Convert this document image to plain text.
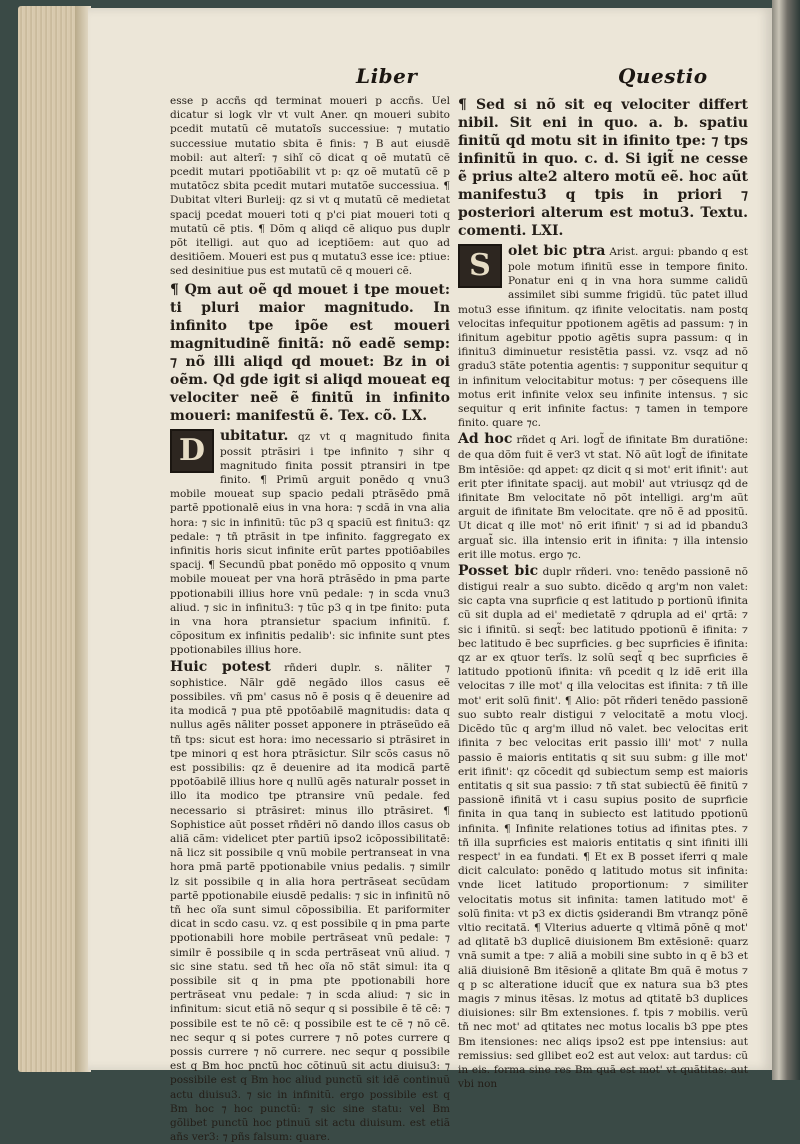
Liber	Questio

esse p accñs qd terminat moueri p accñs. Uel dicatur si logk vlr vt vult Aner. qn moueri subito pcedit mutatũ cẽ mutatoĩs successiue: ⁊ mutatio successiue mutatio sbita ẽ finis: ⁊ B aut eiusdẽ mobil: aut alterĩ: ⁊ sihĩ cõ dicat q oẽ mutatũ cẽ pcedit mutari ppotiõabilit vt p: qz oẽ mutatũ cẽ p mutatõcz sbita pcedit mutari mutatõe successiua. ¶ Dubitat vlteri Burleij: qz si vt q mutatũ cẽ medietat spacij pcedat moueri toti q p'ci piat moueri toti q mutatũ cẽ ptis. ¶ Dõm q aliqd cẽ aliquo pus duplr põt itelligi. aut quo ad iceptiõem: aut quo ad desitiõem. Moueri est pus q mutatu3 esse ice: ptiue: sed desinitiue pus est mutatũ cẽ q moueri cẽ.

¶ Qm aut oẽ qd mouet i tpe mouet: ti pluri maior magnitudo. In infinito tpe ipõe est moueri magnitudinẽ finitã: nõ eadẽ semp: ⁊ nõ illi aliqd qd mouet: Bz in oi oẽm. Qd gde igit si aliqd moueat eq velociter neẽ ẽ finitũ in infinito moueri: manifestũ ẽ. Tex. cõ. LX.

D	ubitatur. qz vt q magnitudo finita possit ptrãsiri i tpe infinito ⁊ sihr q magnitudo finita possit ptransiri in tpe finito. ¶ Primũ arguit ponẽdo q vnu3 mobile moueat sup spacio pedali ptrãsẽdo pmã partẽ ppotionalẽ eius in vna hora: ⁊ scdã in vna alia hora: ⁊ sic in infinitũ: tũc p3 q spaciũ est finitu3: qz pedale: ⁊ tñ ptrãsit in tpe infinito. faggregato ex infinitis horis sicut infinite erũt partes ppotiõabiles spacij. ¶ Secundũ pbat ponẽdo mõ opposito q vnum mobile moueat per vna horã ptrãsẽdo in pma parte ppotionabili illius hore vnũ pedale: ⁊ in scda vnu3 aliud. ⁊ sic in infinitu3: ⁊ tũc p3 q in tpe finito: puta in vna hora ptransietur spacium infinitũ. f. cõpositum ex infinitis pedalib': sic infinite sunt ptes ppotionabiles illius hore.

Huic potest rñderi duplr. s. nãliter ⁊ sophistice. Nãlr gdẽ negãdo illos casus eẽ possibiles. vñ pm' casus nõ ẽ posis q ẽ deuenire ad ita modicã ⁊ pua ptẽ ppotõabilẽ magnitudis: data q nullus agẽs nãliter posset apponere in ptrãseũdo eã tñ tps: sicut est hora: imo necessario si ptrãsiret in tpe minori q est hora ptrãsictur. Silr scõs casus nõ est possibilis: qz ẽ deuenire ad ita modicã partẽ ppotõabilẽ illius hore q nullũ agẽs naturalr posset in illo ita modico tpe ptransire vnũ pedale. fed necessario si ptrãsiret: minus illo ptrãsiret. ¶ Sophistice aũt posset rñdẽri nõ dando illos casus ob aliã cãm: videlicet pter partiũ ipso2 icõpossibilitatẽ: nã licz sit possibile q vnũ mobile pertranseat in vna hora pmã partẽ ppotionabile vnius pedalis. ⁊ similr lz sit possibile q in alia hora pertrãseat secũdam partẽ ppotionabile eiusdẽ pedalis: ⁊ sic in infinitũ nõ tñ hec oĩa sunt simul cõpossibilia. Et pariformiter dicat in scdo casu. vz. q est possibile q in pma parte ppotionabili hore mobile pertrãseat vnũ pedale: ⁊ similr ẽ possibile q in scda pertrãseat vnũ aliud. ⁊ sic sine statu. sed tñ hec oĩa nõ stãt simul: ita q possibile sit q in pma pte ppotionabili hore pertrãseat vnu pedale: ⁊ in scda aliud: ⁊ sic in infinitum: sicut etiã nõ sequr q si possibile ẽ tẽ cẽ: ⁊ possibile est te nõ cẽ: q possibile est te cẽ ⁊ nõ cẽ. nec sequr q si potes currere ⁊ nõ potes currere q possis currere ⁊ nõ currere. nec sequr q possibile est q Bm hoc pnctũ hoc cõtinuũ sit actu diuisu3: ⁊ possibile est q Bm hoc aliud punctũ sit idẽ continuũ actu diuisu3. ⁊ sic in infinitũ. ergo possibile est q Bm hoc ⁊ hoc punctũ: ⁊ sic sine statu: vel Bm gõlibet punctũ hoc ptinuũ sit actu diuisum. est etiã añs ver3: ⁊ pñs falsum: quare.

¶ Sed si nõ sit eq velociter differt nibil. Sit eni in quo. a. b. spatiu finitũ qd motu sit in ifinito tpe: ⁊ tps infinitũ in quo. c. d. Si igit̃ ne cesse ẽ prius alte2 altero motũ eẽ. hoc aũt manifestu3 q tpis in priori ⁊ posteriori alterum est motu3. Textu. comenti. LXI.

S	olet bic ptra Arist. argui: pbando q est pole motum ifinitũ esse in tempore finito. Ponatur eni q in vna hora summe calidũ assimilet sibi summe frigidũ. tũc patet illud motu3 esse ifinitum. qz ifinite velocitatis. nam postq velocitas infequitur ppotionem agẽtis ad passum: ⁊ in ifinitum agebitur ppotio agẽtis supra passum: q in ifinitu3 diminuetur resistẽtia passi. vz. vsqz ad nõ gradu3 stãte potentia agentis: ⁊ supponitur sequitur q in infinitum velocitabitur motus: ⁊ per cõsequens ille motus erit infinite velox seu infinite intensus. ⁊ sic sequitur q erit infinite factus: ⁊ tamen in tempore finito. quare ⁊c.

Ad hoc rñdet q Ari. logt̃ de ifinitate Bm duratiõne: de qua dõm fuit ẽ ver3 vt stat. Nõ aũt logt̃ de ifinitate Bm intẽsiõe: qd appet: qz dicit q si mot' erit ifinit': aut erit pter ifinitate spacij. aut mobil' aut vtriusqz qd de ifinitate Bm velocitate nõ põt intelligi. arg'm aũt arguit de ifinitate Bm velocitate. qre nõ ẽ ad ppositũ. Ut dicat q ille mot' nõ erit ifinit' ⁊ si ad id pbandu3 arguat̃ sic. illa intensio erit in ifinita: ⁊ illa intensio erit ille motus. ergo ⁊c.

Posset bic duplr rñderi. vno: tenẽdo passionẽ nõ distigui realr a suo subto. dicẽdo q arg'm non valet: sic capta vna suprficie q est latitudo p portionũ ifinita cũ sit dupla ad ei' medietatẽ ⁊ qdrupla ad ei' qrtã: ⁊ sic i ifinitũ. si seqt̃: bec latitudo ppotionũ ẽ ifinita: ⁊ bec latitudo ẽ bec suprficies. g bec suprficies ẽ ifinita: qz ar ex qtuor terĩs. lz solũ seqt̃ q bec suprficies ẽ latitudo ppotionũ ifinita: vñ pcedit q lz idẽ erit illa velocitas ⁊ ille mot' q illa velocitas est ifinita: ⁊ tñ ille mot' erit solũ finit'. ¶ Alio: põt rñderi tenẽdo passionẽ suo subto realr distigui ⁊ velocitatẽ a motu vlocj. Dicẽdo tũc q arg'm illud nõ valet. bec velocitas erit ifinita ⁊ bec velocitas erit passio illi' mot' ⁊ nulla passio ẽ maioris entitatis q sit suu subm: g ille mot' erit ifinit': qz cõcedit qd subiectum semp est maioris entitatis q sit sua passio: ⁊ tñ stat subiectũ ẽẽ finitũ ⁊ passionẽ ifinitã vt i casu supius posito de suprficie finita in qua tanq in subiecto est latitudo ppotionũ infinita. ¶ Infinite relationes totius ad ifinitas ptes. ⁊ tñ illa suprficies est maioris entitatis q sint ifiniti illi respect' in ea fundati. ¶ Et ex B posset iferri q male dicit calculato: ponẽdo q latitudo motus sit infinita: vnde licet latitudo proportionum: ⁊ similiter velocitatis motus sit infinita: tamen latitudo mot' ẽ solũ finita: vt p3 ex dictis ꝯsiderandi Bm vtranqz põnẽ vltio recitatã. ¶ Vlterius aduerte q vltimã põnẽ q mot' ad qlitatẽ b3 duplicẽ diuisionem Bm extẽsionẽ: quarz vnã sumit a tpe: ⁊ aliã a mobili sine subto in q ẽ b3 et aliã diuisionẽ Bm itẽsionẽ a qlitate Bm quã ẽ motus ⁊ q p sc alteratione iducit̃ que ex natura sua b3 ptes magis ⁊ minus itẽsas. lz motus ad qtitatẽ b3 duplices diuisiones: silr Bm extensiones. f. tpis ⁊ mobilis. verũ tñ nec mot' ad qtitates nec motus localis b3 ppe ptes Bm itensiones: nec aliqs ipso2 est ppe intensius: aut remissius: sed gllibet eo2 est aut velox: aut tardus: cũ in eis. forma sine res Bm quã est mot' vt quãtitas: aut vbi non
